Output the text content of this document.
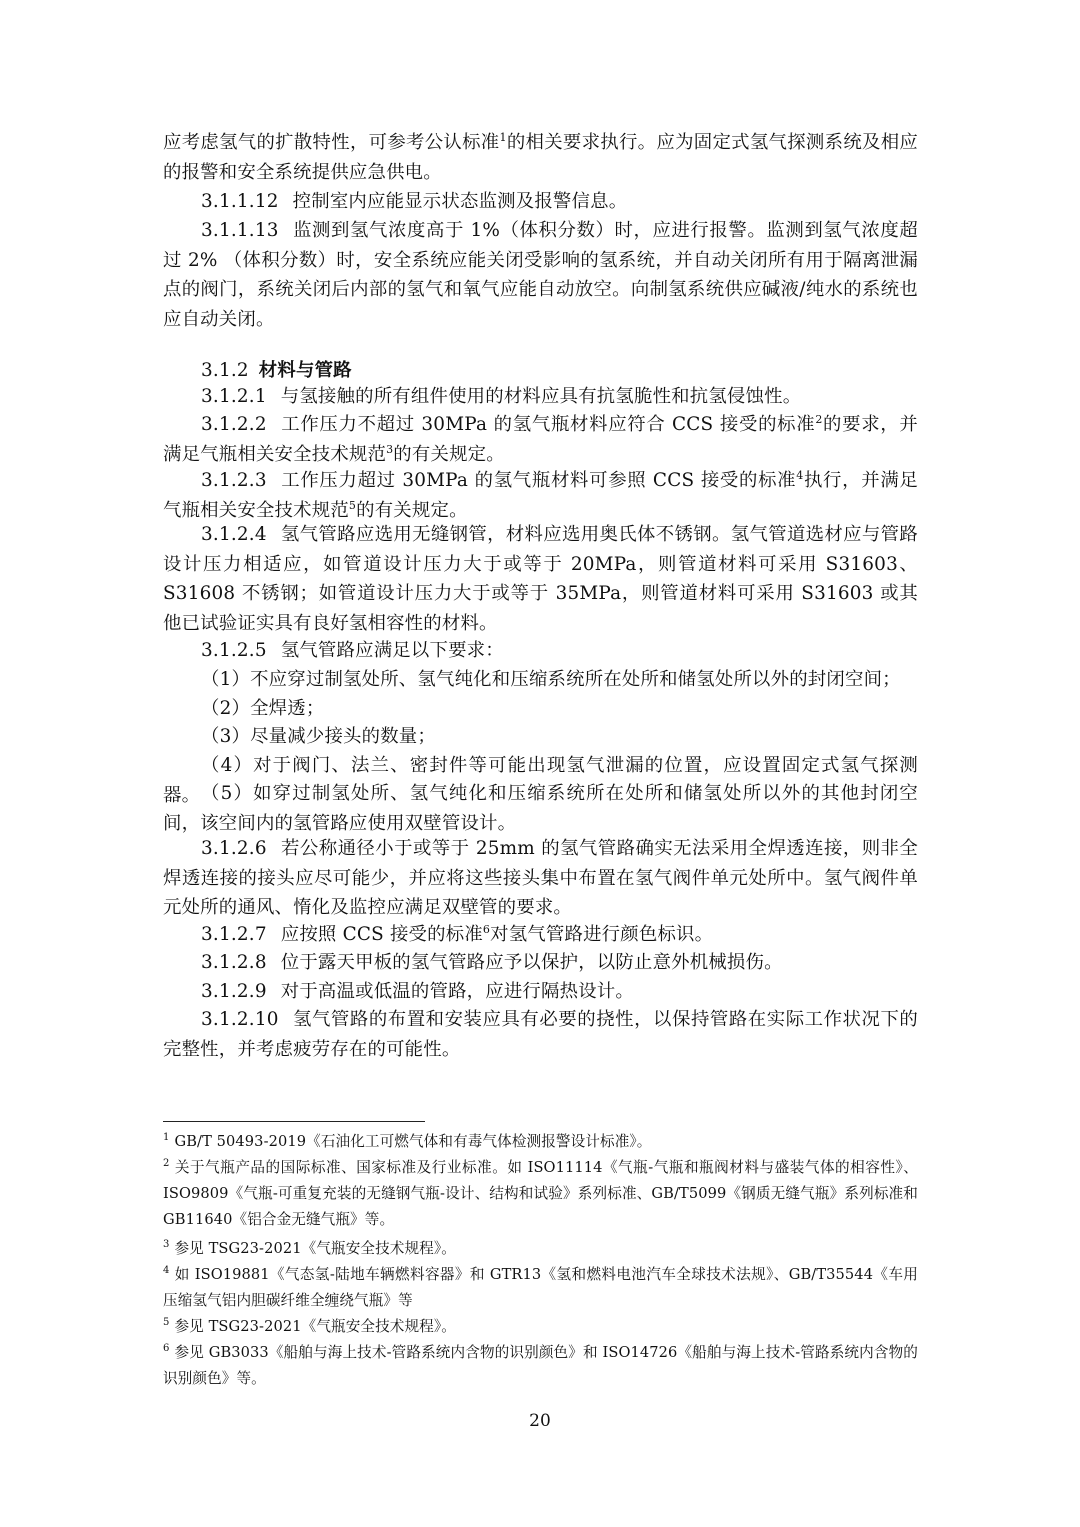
应考虑氢气的扩散特性，可参考公认标准$^1$的相关要求执行。应为固定式氢气探测系统及相应的报警和安全系统提供应急供电。

3.1.1.12 控制室内应能显示状态监测及报警信息。

3.1.1.13 监测到氢气浓度高于 1%（体积分数）时，应进行报警。监测到氢气浓度超过 2% （体积分数）时，安全系统应能关闭受影响的氢系统，并自动关闭所有用于隔离泄漏点的阀门，系统关闭后内部的氢气和氧气应能自动放空。向制氢系统供应碱液/纯水的系统也应自动关闭。

3.1.2 材料与管路

3.1.2.1 与氢接触的所有组件使用的材料应具有抗氢脆性和抗氢侵蚀性。

3.1.2.2 工作压力不超过 30MPa 的氢气瓶材料应符合 CCS 接受的标准$^2$的要求，并满足气瓶相关安全技术规范$^3$的有关规定。

3.1.2.3 工作压力超过 30MPa 的氢气瓶材料可参照 CCS 接受的标准$^4$执行，并满足气瓶相关安全技术规范$^5$的有关规定。

3.1.2.4 氢气管路应选用无缝钢管，材料应选用奥氏体不锈钢。氢气管道选材应与管路设计压力相适应，如管道设计压力大于或等于 20MPa，则管道材料可采用 S31603、S31608 不锈钢；如管道设计压力大于或等于 35MPa，则管道材料可采用 S31603 或其他已试验证实具有良好氢相容性的材料。

3.1.2.5 氢气管路应满足以下要求：

（1）不应穿过制氢处所、氢气纯化和压缩系统所在处所和储氢处所以外的封闭空间；

（2）全焊透；

（3）尽量减少接头的数量；

（4）对于阀门、法兰、密封件等可能出现氢气泄漏的位置，应设置固定式氢气探测器。 （5）如穿过制氢处所、氢气纯化和压缩系统所在处所和储氢处所以外的其他封闭空间，该空间内的氢管路应使用双壁管设计。

3.1.2.6 若公称通径小于或等于 25mm 的氢气管路确实无法采用全焊透连接，则非全焊透连接的接头应尽可能少，并应将这些接头集中布置在氢气阀件单元处所中。氢气阀件单元处所的通风、惰化及监控应满足双壁管的要求。

3.1.2.7 应按照 CCS 接受的标准$^6$对氢气管路进行颜色标识。

3.1.2.8 位于露天甲板的氢气管路应予以保护，以防止意外机械损伤。

3.1.2.9 对于高温或低温的管路，应进行隔热设计。

3.1.2.10 氢气管路的布置和安装应具有必要的挠性，以保持管路在实际工作状况下的完整性，并考虑疲劳存在的可能性。

$^1$ GB/T 50493-2019《石油化工可燃气体和有毒气体检测报警设计标准》。

$^2$ 关于气瓶产品的国际标准、国家标准及行业标准。如 ISO11114《气瓶-气瓶和瓶阀材料与盛装气体的相容性》、ISO9809《气瓶-可重复充装的无缝钢气瓶-设计、结构和试验》系列标准、GB/T5099《钢质无缝气瓶》系列标准和 GB11640《铝合金无缝气瓶》等。

$^3$ 参见 TSG23-2021《气瓶安全技术规程》。

$^4$ 如 ISO19881《气态氢-陆地车辆燃料容器》和 GTR13《氢和燃料电池汽车全球技术法规》、GB/T35544《车用压缩氢气铝内胆碳纤维全缠绕气瓶》等

$^5$ 参见 TSG23-2021《气瓶安全技术规程》。

$^6$ 参见 GB3033《船舶与海上技术-管路系统内含物的识别颜色》和 ISO14726《船舶与海上技术-管路系统内含物的 识别颜色》等。

20
